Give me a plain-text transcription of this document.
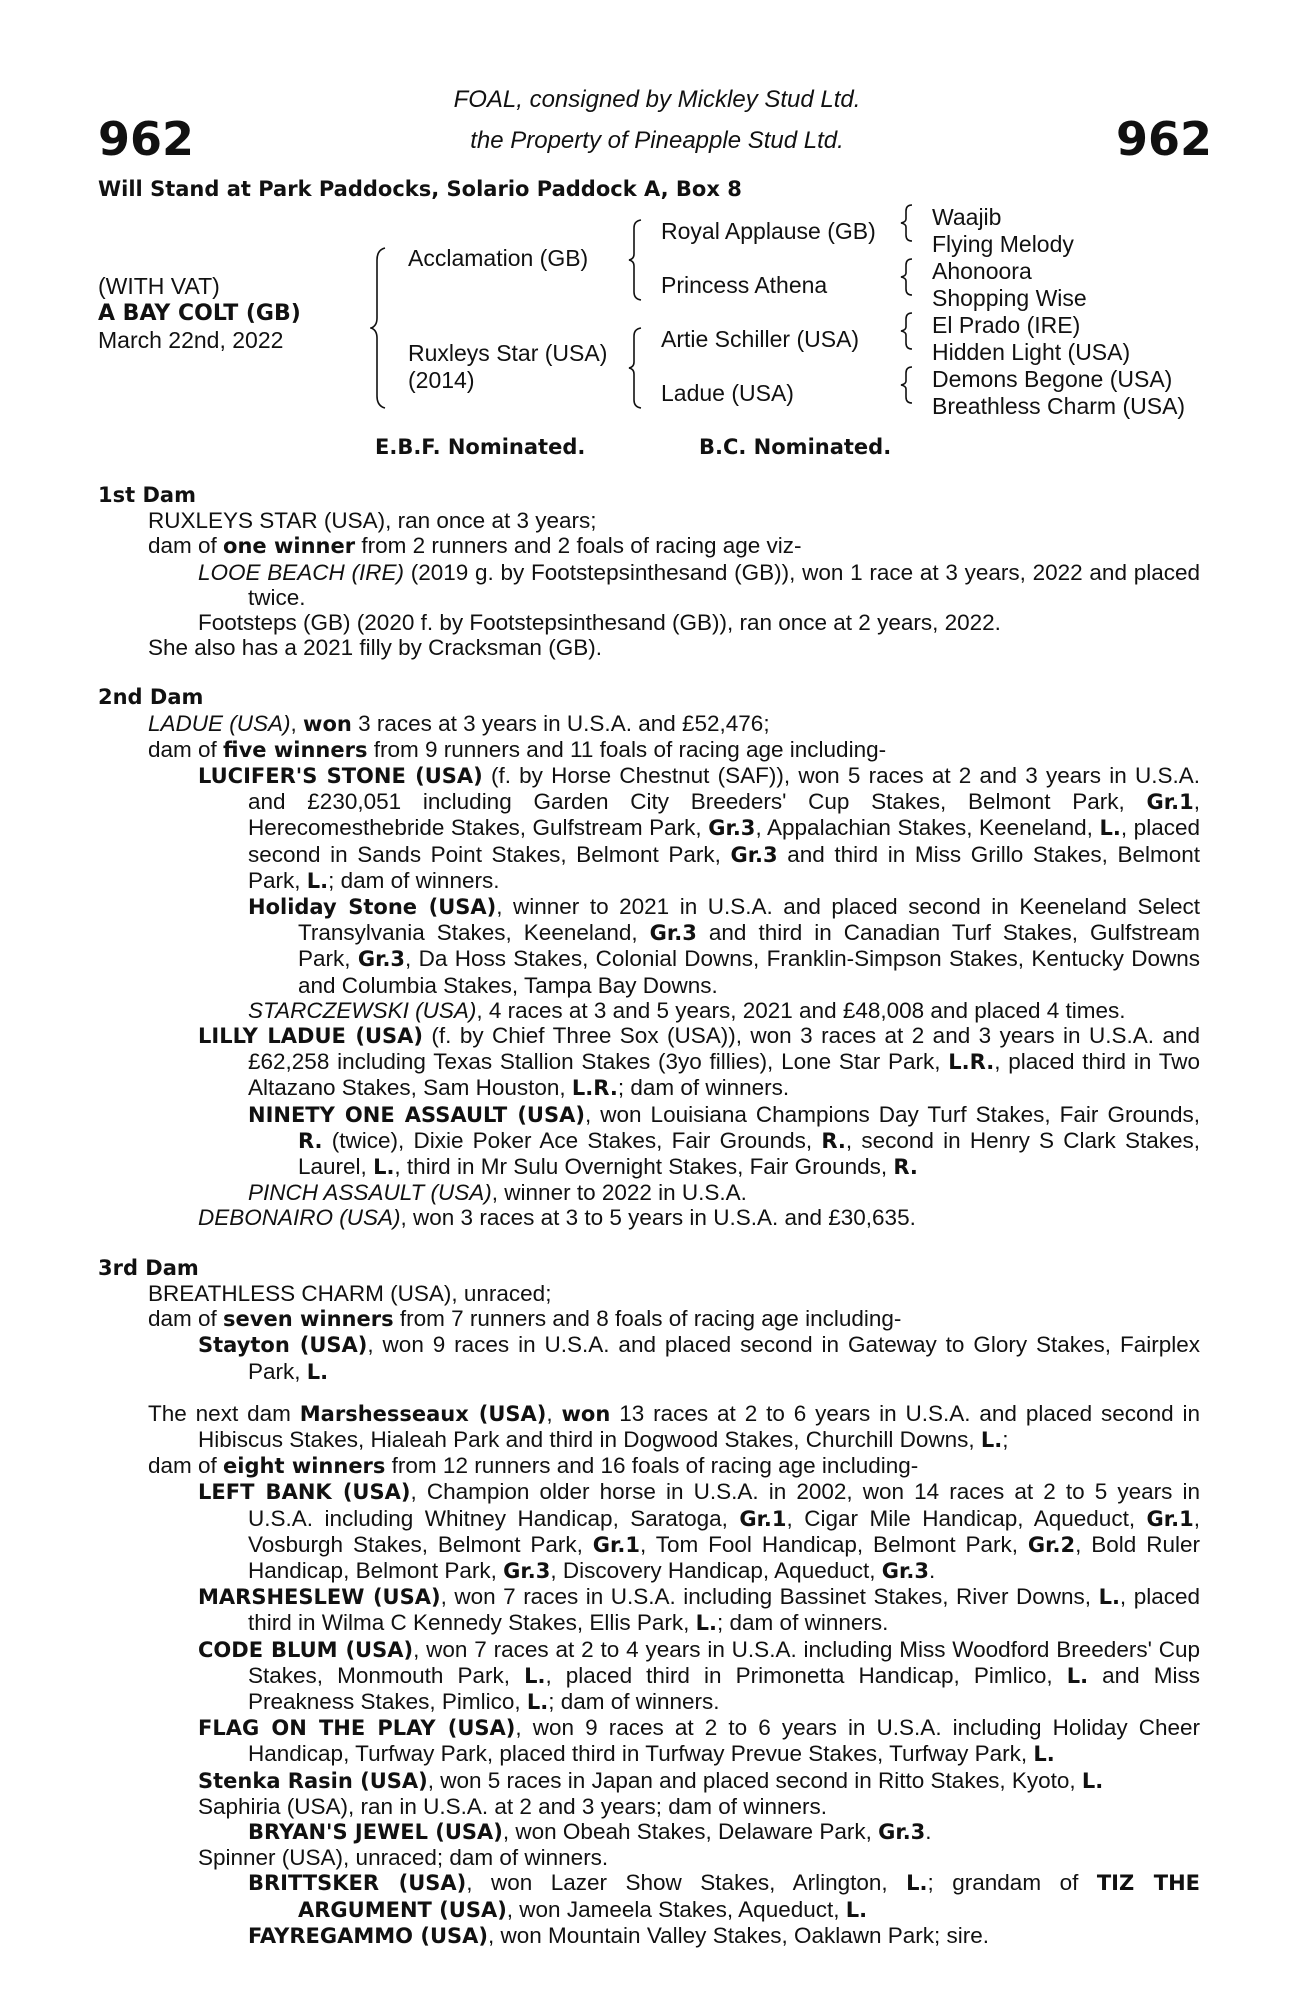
962	962
FOAL, consigned by Mickley Stud Ltd.
the Property of Pineapple Stud Ltd.
Will Stand at Park Paddocks, Solario Paddock A, Box 8
(WITH VAT)
A BAY COLT (GB)
March 22nd, 2022
Acclamation (GB)
Ruxleys Star (USA)
(2014)
Royal Applause (GB)
Princess Athena
Artie Schiller (USA)
Ladue (USA)
Waajib
Flying Melody
Ahonoora
Shopping Wise
El Prado (IRE)
Hidden Light (USA)
Demons Begone (USA)
Breathless Charm (USA)
E.B.F. Nominated.	B.C. Nominated.
1st Dam
RUXLEYS STAR (USA), ran once at 3 years;
dam of one winner from 2 runners and 2 foals of racing age viz-
LOOE BEACH (IRE) (2019 g. by Footstepsinthesand (GB)), won 1 race at 3 years, 2022 and placed twice.
Footsteps (GB) (2020 f. by Footstepsinthesand (GB)), ran once at 2 years, 2022.
She also has a 2021 filly by Cracksman (GB).
2nd Dam
LADUE (USA), won 3 races at 3 years in U.S.A. and £52,476;
dam of five winners from 9 runners and 11 foals of racing age including-
LUCIFER'S STONE (USA) (f. by Horse Chestnut (SAF)), won 5 races at 2 and 3 years in U.S.A. and £230,051 including Garden City Breeders' Cup Stakes, Belmont Park, Gr.1, Herecomesthebride Stakes, Gulfstream Park, Gr.3, Appalachian Stakes, Keeneland, L., placed second in Sands Point Stakes, Belmont Park, Gr.3 and third in Miss Grillo Stakes, Belmont Park, L.; dam of winners.
Holiday Stone (USA), winner to 2021 in U.S.A. and placed second in Keeneland Select Transylvania Stakes, Keeneland, Gr.3 and third in Canadian Turf Stakes, Gulfstream Park, Gr.3, Da Hoss Stakes, Colonial Downs, Franklin-Simpson Stakes, Kentucky Downs and Columbia Stakes, Tampa Bay Downs.
STARCZEWSKI (USA), 4 races at 3 and 5 years, 2021 and £48,008 and placed 4 times.
LILLY LADUE (USA) (f. by Chief Three Sox (USA)), won 3 races at 2 and 3 years in U.S.A. and £62,258 including Texas Stallion Stakes (3yo fillies), Lone Star Park, L.R., placed third in Two Altazano Stakes, Sam Houston, L.R.; dam of winners.
NINETY ONE ASSAULT (USA), won Louisiana Champions Day Turf Stakes, Fair Grounds, R. (twice), Dixie Poker Ace Stakes, Fair Grounds, R., second in Henry S Clark Stakes, Laurel, L., third in Mr Sulu Overnight Stakes, Fair Grounds, R.
PINCH ASSAULT (USA), winner to 2022 in U.S.A.
DEBONAIRO (USA), won 3 races at 3 to 5 years in U.S.A. and £30,635.
3rd Dam
BREATHLESS CHARM (USA), unraced;
dam of seven winners from 7 runners and 8 foals of racing age including-
Stayton (USA), won 9 races in U.S.A. and placed second in Gateway to Glory Stakes, Fairplex Park, L.
The next dam Marshesseaux (USA), won 13 races at 2 to 6 years in U.S.A. and placed second in Hibiscus Stakes, Hialeah Park and third in Dogwood Stakes, Churchill Downs, L.;
dam of eight winners from 12 runners and 16 foals of racing age including-
LEFT BANK (USA), Champion older horse in U.S.A. in 2002, won 14 races at 2 to 5 years in U.S.A. including Whitney Handicap, Saratoga, Gr.1, Cigar Mile Handicap, Aqueduct, Gr.1, Vosburgh Stakes, Belmont Park, Gr.1, Tom Fool Handicap, Belmont Park, Gr.2, Bold Ruler Handicap, Belmont Park, Gr.3, Discovery Handicap, Aqueduct, Gr.3.
MARSHESLEW (USA), won 7 races in U.S.A. including Bassinet Stakes, River Downs, L., placed third in Wilma C Kennedy Stakes, Ellis Park, L.; dam of winners.
CODE BLUM (USA), won 7 races at 2 to 4 years in U.S.A. including Miss Woodford Breeders' Cup Stakes, Monmouth Park, L., placed third in Primonetta Handicap, Pimlico, L. and Miss Preakness Stakes, Pimlico, L.; dam of winners.
FLAG ON THE PLAY (USA), won 9 races at 2 to 6 years in U.S.A. including Holiday Cheer Handicap, Turfway Park, placed third in Turfway Prevue Stakes, Turfway Park, L.
Stenka Rasin (USA), won 5 races in Japan and placed second in Ritto Stakes, Kyoto, L.
Saphiria (USA), ran in U.S.A. at 2 and 3 years; dam of winners.
BRYAN'S JEWEL (USA), won Obeah Stakes, Delaware Park, Gr.3.
Spinner (USA), unraced; dam of winners.
BRITTSKER (USA), won Lazer Show Stakes, Arlington, L.; grandam of TIZ THE ARGUMENT (USA), won Jameela Stakes, Aqueduct, L.
FAYREGAMMO (USA), won Mountain Valley Stakes, Oaklawn Park; sire.
